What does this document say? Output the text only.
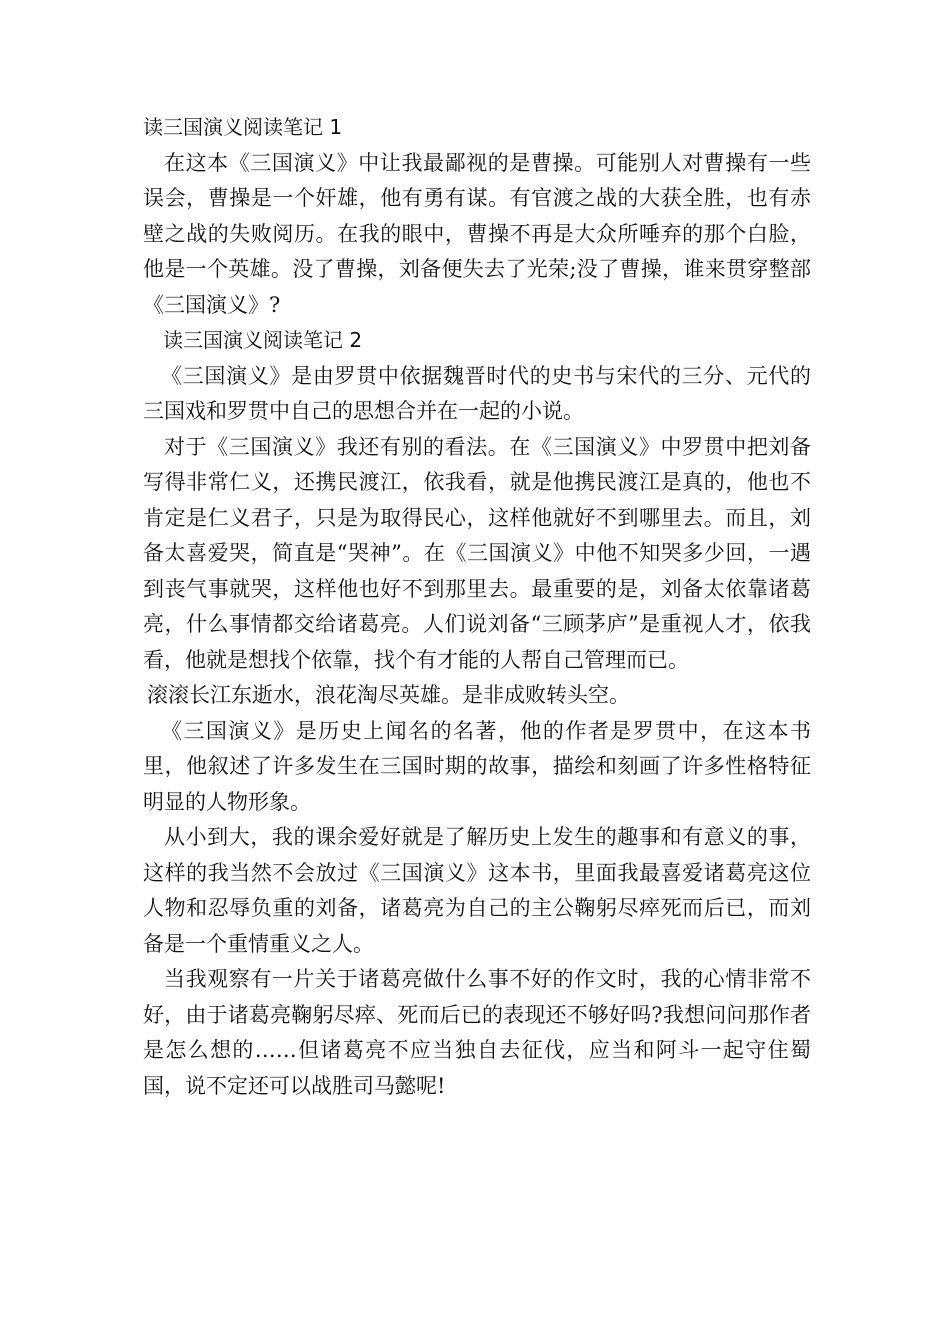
读三国演义阅读笔记 1

在这本《三国演义》中让我最鄙视的是曹操。可能别人对曹操有一些误会，曹操是一个奸雄，他有勇有谋。有官渡之战的大获全胜，也有赤壁之战的失败阅历。在我的眼中，曹操不再是大众所唾弃的那个白脸，他是一个英雄。没了曹操，刘备便失去了光荣;没了曹操，谁来贯穿整部《三国演义》?

读三国演义阅读笔记 2

《三国演义》是由罗贯中依据魏晋时代的史书与宋代的三分、元代的三国戏和罗贯中自己的思想合并在一起的小说。

对于《三国演义》我还有别的看法。在《三国演义》中罗贯中把刘备写得非常仁义，还携民渡江，依我看，就是他携民渡江是真的，他也不肯定是仁义君子，只是为取得民心，这样他就好不到哪里去。而且，刘备太喜爱哭，简直是“哭神”。在《三国演义》中他不知哭多少回，一遇到丧气事就哭，这样他也好不到那里去。最重要的是，刘备太依靠诸葛亮，什么事情都交给诸葛亮。人们说刘备“三顾茅庐”是重视人才，依我看，他就是想找个依靠，找个有才能的人帮自己管理而已。

滚滚长江东逝水，浪花淘尽英雄。是非成败转头空。

《三国演义》是历史上闻名的名著，他的作者是罗贯中，在这本书里，他叙述了许多发生在三国时期的故事，描绘和刻画了许多性格特征明显的人物形象。

从小到大，我的课余爱好就是了解历史上发生的趣事和有意义的事，这样的我当然不会放过《三国演义》这本书，里面我最喜爱诸葛亮这位人物和忍辱负重的刘备，诸葛亮为自己的主公鞠躬尽瘁死而后已，而刘备是一个重情重义之人。

当我观察有一片关于诸葛亮做什么事不好的作文时，我的心情非常不好，由于诸葛亮鞠躬尽瘁、死而后已的表现还不够好吗?我想问问那作者是怎么想的……但诸葛亮不应当独自去征伐，应当和阿斗一起守住蜀国，说不定还可以战胜司马懿呢!
